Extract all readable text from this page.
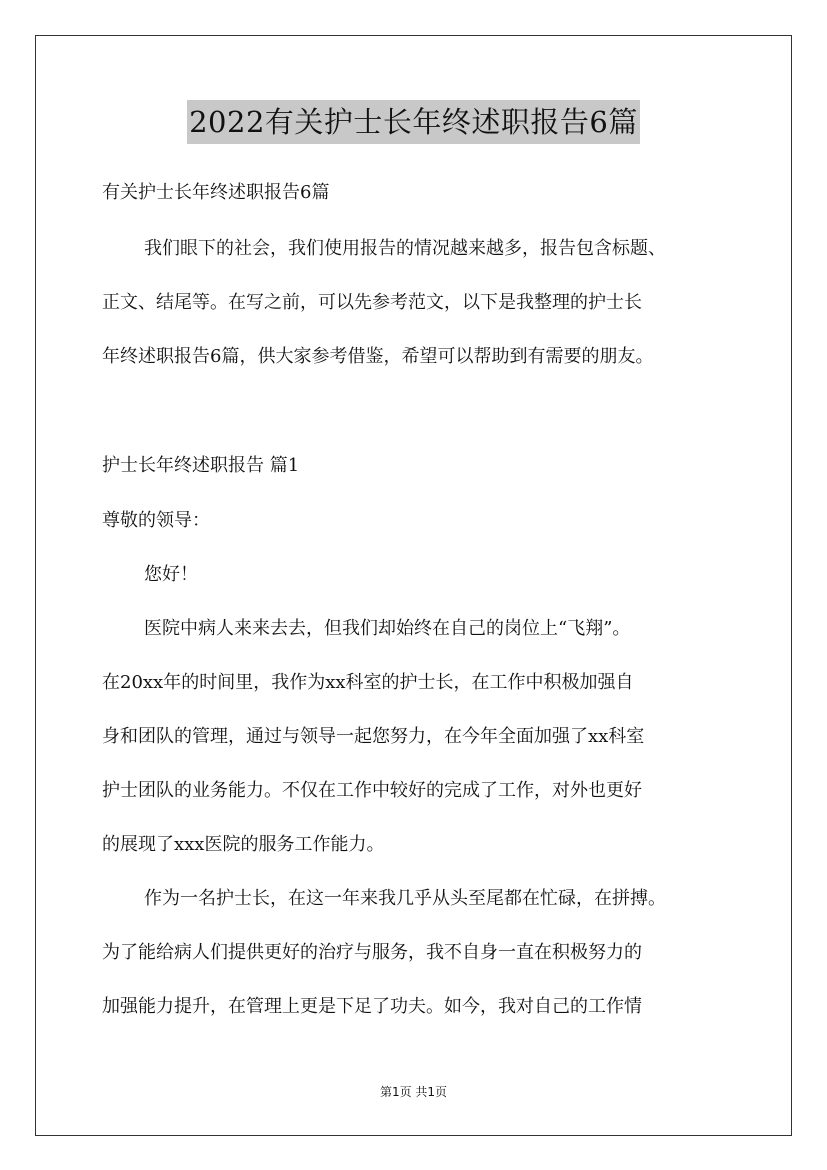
2022有关护士长年终述职报告6篇
有关护士长年终述职报告6篇
我们眼下的社会，我们使用报告的情况越来越多，报告包含标题、
正文、结尾等。在写之前，可以先参考范文，以下是我整理的护士长
年终述职报告6篇，供大家参考借鉴，希望可以帮助到有需要的朋友。
护士长年终述职报告 篇1
尊敬的领导：
您好！
医院中病人来来去去，但我们却始终在自己的岗位上“飞翔”。
在20xx年的时间里，我作为xx科室的护士长，在工作中积极加强自
身和团队的管理，通过与领导一起您努力，在今年全面加强了xx科室
护士团队的业务能力。不仅在工作中较好的完成了工作，对外也更好
的展现了xxx医院的服务工作能力。
作为一名护士长，在这一年来我几乎从头至尾都在忙碌，在拼搏。
为了能给病人们提供更好的治疗与服务，我不自身一直在积极努力的
加强能力提升，在管理上更是下足了功夫。如今，我对自己的工作情
第1页 共1页
